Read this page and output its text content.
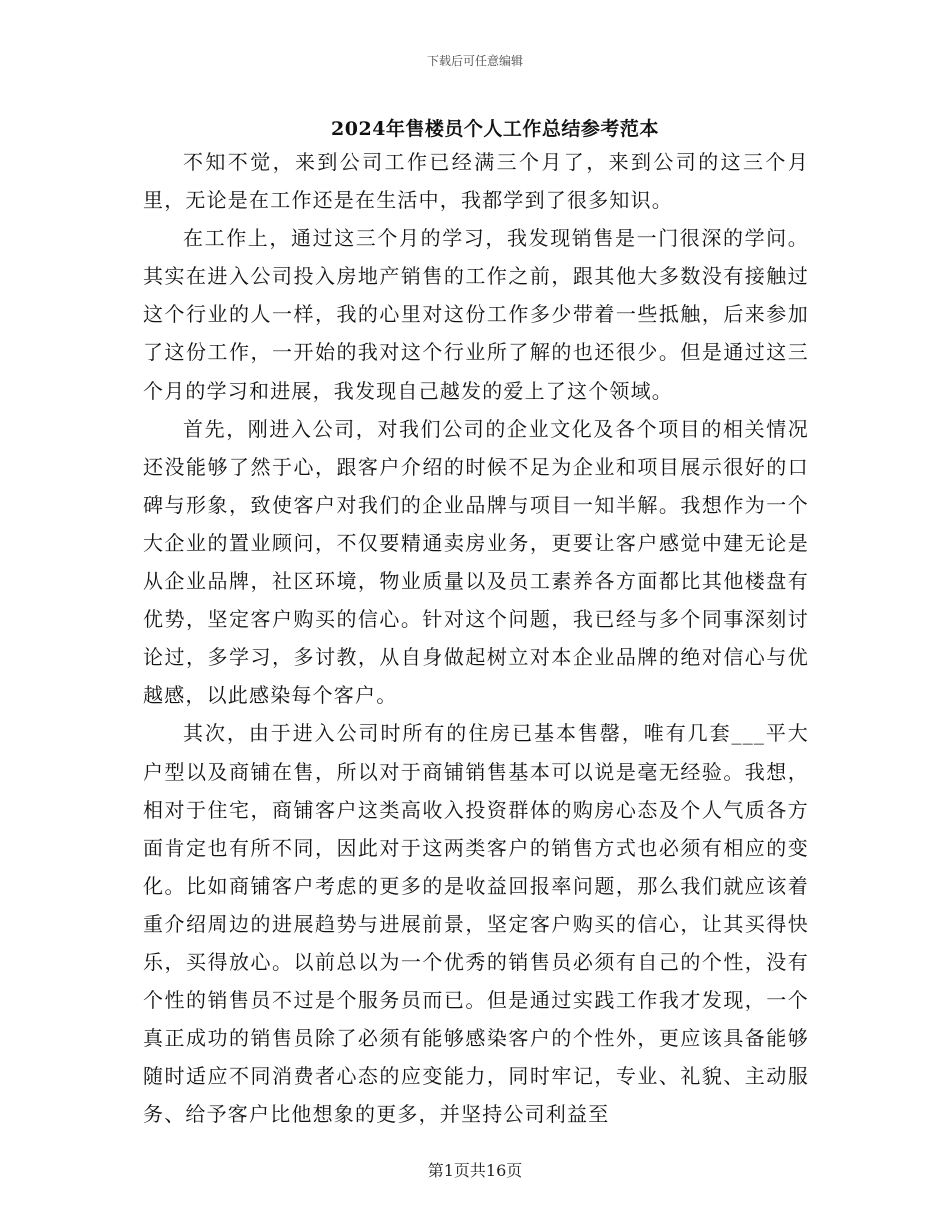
下载后可任意编辑
2024年售楼员个人工作总结参考范本

不知不觉，来到公司工作已经满三个月了，来到公司的这三个月里，无论是在工作还是在生活中，我都学到了很多知识。

在工作上，通过这三个月的学习，我发现销售是一门很深的学问。其实在进入公司投入房地产销售的工作之前，跟其他大多数没有接触过这个行业的人一样，我的心里对这份工作多少带着一些抵触，后来参加了这份工作，一开始的我对这个行业所了解的也还很少。但是通过这三个月的学习和进展，我发现自己越发的爱上了这个领域。

首先，刚进入公司，对我们公司的企业文化及各个项目的相关情况还没能够了然于心，跟客户介绍的时候不足为企业和项目展示很好的口碑与形象，致使客户对我们的企业品牌与项目一知半解。我想作为一个大企业的置业顾问，不仅要精通卖房业务，更要让客户感觉中建无论是从企业品牌，社区环境，物业质量以及员工素养各方面都比其他楼盘有优势，坚定客户购买的信心。针对这个问题，我已经与多个同事深刻讨论过，多学习，多讨教，从自身做起树立对本企业品牌的绝对信心与优越感，以此感染每个客户。

其次，由于进入公司时所有的住房已基本售罄，唯有几套___平大户型以及商铺在售，所以对于商铺销售基本可以说是毫无经验。我想，相对于住宅，商铺客户这类高收入投资群体的购房心态及个人气质各方面肯定也有所不同，因此对于这两类客户的销售方式也必须有相应的变化。比如商铺客户考虑的更多的是收益回报率问题，那么我们就应该着重介绍周边的进展趋势与进展前景，坚定客户购买的信心，让其买得快乐，买得放心。以前总以为一个优秀的销售员必须有自己的个性，没有个性的销售员不过是个服务员而已。但是通过实践工作我才发现，一个真正成功的销售员除了必须有能够感染客户的个性外，更应该具备能够随时适应不同消费者心态的应变能力，同时牢记，专业、礼貌、主动服务、给予客户比他想象的更多，并坚持公司利益至

第1页共16页
